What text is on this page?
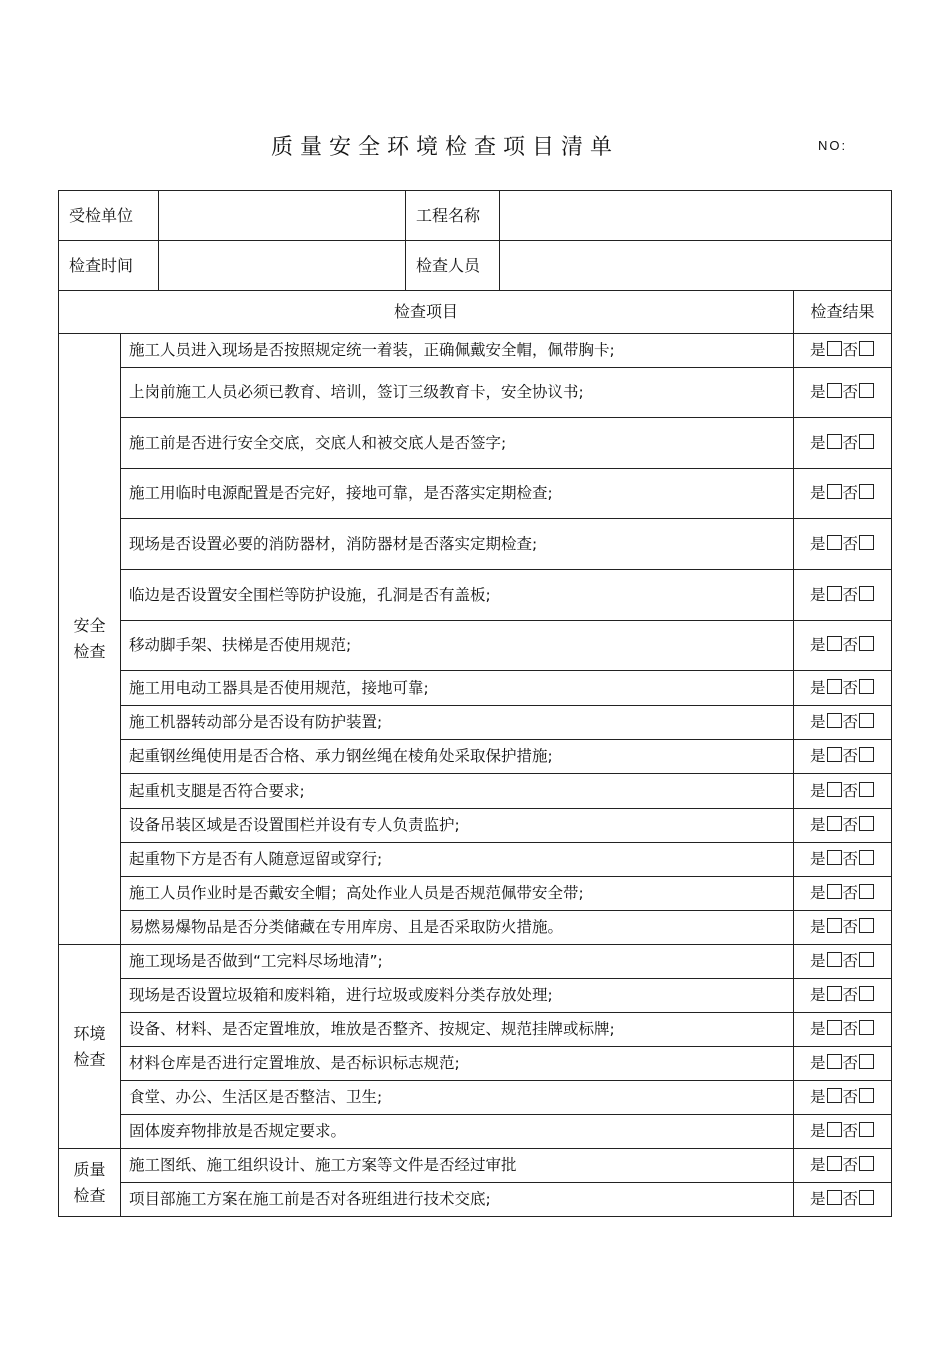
质量安全环境检查项目清单	NO:
受检单位			工程名称		
检查时间			检查人员		
检查项目					检查结果

安全
检查	施工人员进入现场是否按照规定统一着装，正确佩戴安全帽，佩带胸卡;				是 否
	上岗前施工人员必须已教育、培训，签订三级教育卡，安全协议书;				是 否
	施工前是否进行安全交底，交底人和被交底人是否签字;				是 否
	施工用临时电源配置是否完好，接地可靠，是否落实定期检查;				是 否
	现场是否设置必要的消防器材，消防器材是否落实定期检查;				是 否
	临边是否设置安全围栏等防护设施，孔洞是否有盖板;				是 否
	移动脚手架、扶梯是否使用规范;				是 否
	施工用电动工器具是否使用规范，接地可靠;				是 否
	施工机器转动部分是否设有防护装置;				是 否
	起重钢丝绳使用是否合格、承力钢丝绳在棱角处采取保护措施;				是 否
	起重机支腿是否符合要求;				是 否
	设备吊装区域是否设置围栏并设有专人负责监护;				是 否
	起重物下方是否有人随意逗留或穿行;				是 否
	施工人员作业时是否戴安全帽；高处作业人员是否规范佩带安全带;				是 否
	易燃易爆物品是否分类储藏在专用库房、且是否采取防火措施。				是 否

环境
检查	施工现场是否做到“工完料尽场地清”;				是 否
	现场是否设置垃圾箱和废料箱，进行垃圾或废料分类存放处理;				是 否
	设备、材料、是否定置堆放，堆放是否整齐、按规定、规范挂牌或标牌;				是 否
	材料仓库是否进行定置堆放、是否标识标志规范;				是 否
	食堂、办公、生活区是否整洁、卫生;				是 否
	固体废弃物排放是否规定要求。				是 否

质量
检查	施工图纸、施工组织设计、施工方案等文件是否经过审批				是 否
	项目部施工方案在施工前是否对各班组进行技术交底;				是 否
